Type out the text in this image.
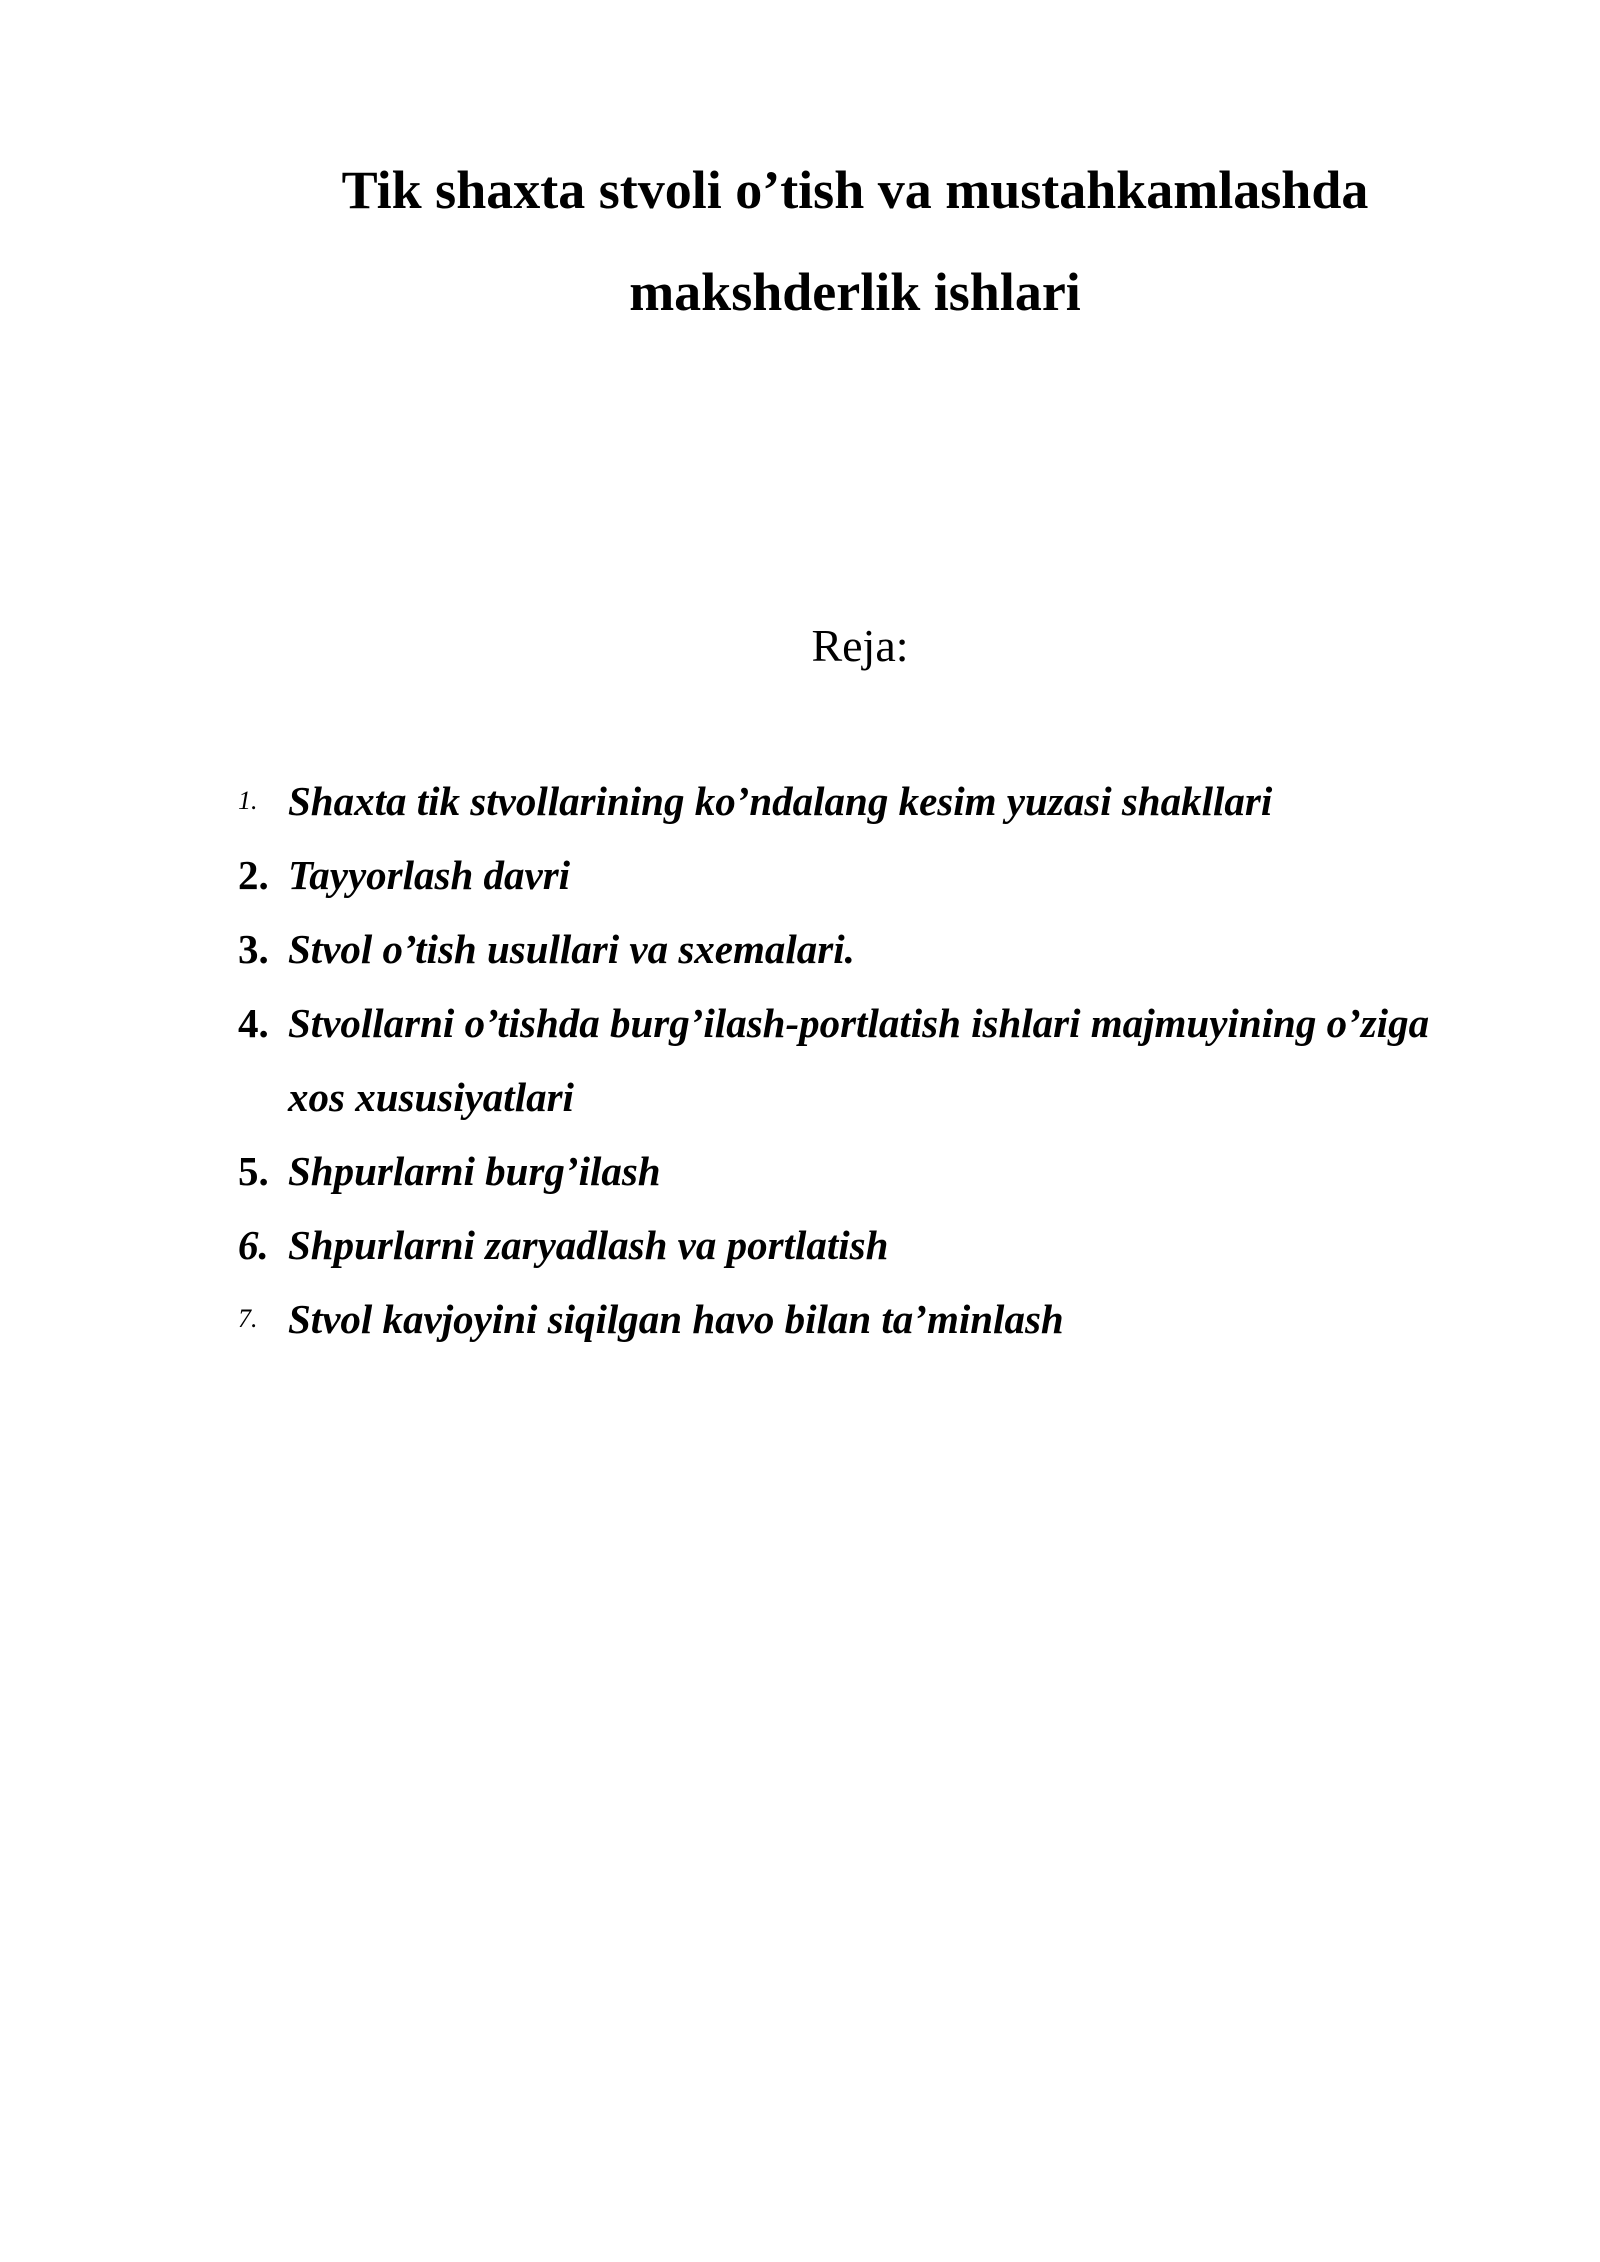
Tik shaxta stvoli o’tish va mustahkamlashda
makshderlik ishlari

Reja:

1. Shaxta tik stvollarining ko’ndalang kesim yuzasi shakllari
2. Tayyorlash davri
3. Stvol o’tish usullari va sxemalari.
4. Stvollarni o’tishda burg’ilash-portlatish ishlari majmuyining o’ziga
xos xususiyatlari
5. Shpurlarni burg’ilash
6. Shpurlarni zaryadlash va portlatish
7. Stvol kavjoyini siqilgan havo bilan ta’minlash
